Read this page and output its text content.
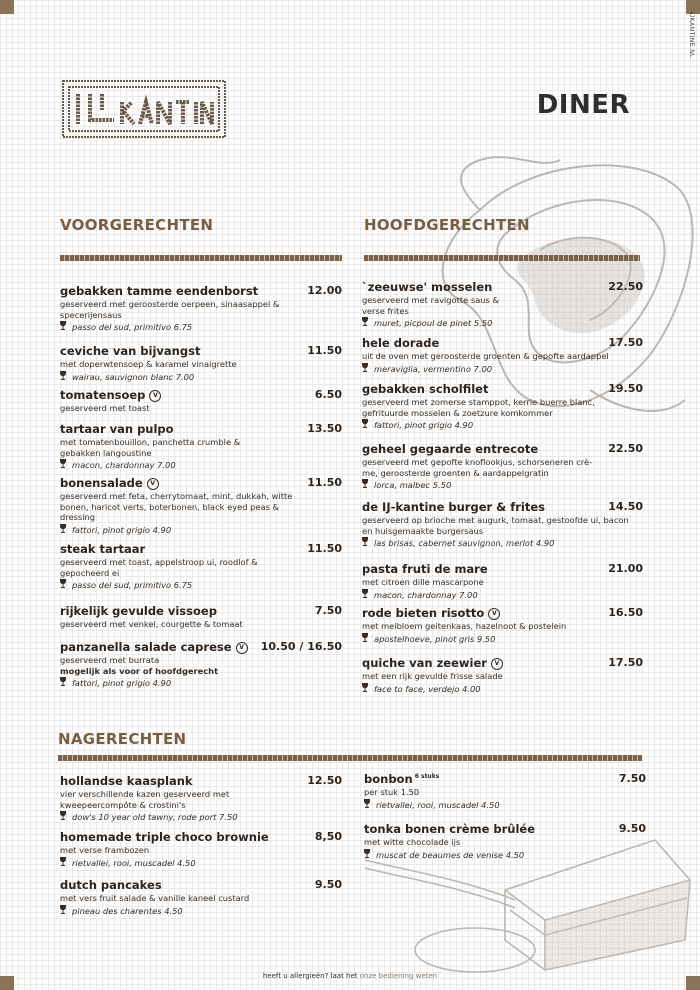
IJKANTINE.NL
DINER
VOORGERECHTEN	HOOFDGERECHTEN
NAGERECHTEN
heeft u allergieën? laat het onze bediening weten
gebakken tamme eendenborst	12.00
geserveerd met geroosterde oerpeen, sinaasappel &
specerijensaus
passo del sud, primitivo 6.75
ceviche van bijvangst	11.50
met doperwtensoep & karamel vinaigrette
wairau, sauvignon blanc 7.00
tomatensoep V	6.50
geserveerd met toast
tartaar van pulpo	13.50
met tomatenbouillon, panchetta crumble &
gebakken langoustine
macon, chardonnay 7.00
bonensalade V	11.50
geserveerd met feta, cherrytomaat, mint, dukkah, witte
bonen, haricot verts, boterbonen, black eyed peas &
dressing
fattori, pinot grigio 4.90
steak tartaar	11.50
geserveerd met toast, appelstroop ui, roodlof &
gepocheerd ei
passo del sud, primitivo 6.75
rijkelijk gevulde vissoep	7.50
geserveerd met venkel, courgette & tomaat
panzanella salade caprese V	10.50 / 16.50
geserveerd met burrata
mogelijk als voor of hoofdgerecht
fattori, pinot grigio 4.90
`zeeuwse' mosselen	22.50
geserveerd met ravigotte saus &
verse frites
muret, picpoul de pinet 5.50
hele dorade	17.50
uit de oven met geroosterde groenten & gepofte aardappel
meraviglia, vermentino 7.00
gebakken scholfilet	19.50
geserveerd met zomerse stamppot, kerrie buerre blanc,
gefrituurde mosselen & zoetzure komkommer
fattori, pinot grigio 4.90
geheel gegaarde entrecote	22.50
geserveerd met gepofte knoflookjus, schorseneren crè-
me, geroosterde groenten & aardappelgratin
lorca, malbec 5.50
de IJ-kantine burger & frites	14.50
geserveerd op brioche met augurk, tomaat, gestoofde ui, bacon
en huisgemaakte burgersaus
las brisas, cabernet sauvignon, merlot 4.90
pasta fruti de mare	21.00
met citroen dille mascarpone
macon, chardonnay 7.00
rode bieten risotto V	16.50
met meibloem geitenkaas, hazelnoot & postelein
apostelhoeve, pinot gris 9.50
quiche van zeewier V	17.50
met een rijk gevulde frisse salade
face to face, verdejo 4.00
hollandse kaasplank	12.50
vier verschillende kazen geserveerd met
kweepeercompôte & crostini's
dow's 10 year old tawny, rode port 7.50
homemade triple choco brownie	8,50
met verse frambozen
rietvallei, rooi, muscadel 4.50
dutch pancakes	9.50
met vers fruit salade & vanille kaneel custard
pineau des charentes 4.50
bonbon $^{6 stuks}$	7.50
per stuk 1.50
rietvallei, rooi, muscadel 4.50
tonka bonen crème brûlée	9.50
met witte chocolade ijs
muscat de beaumes de venise 4.50
